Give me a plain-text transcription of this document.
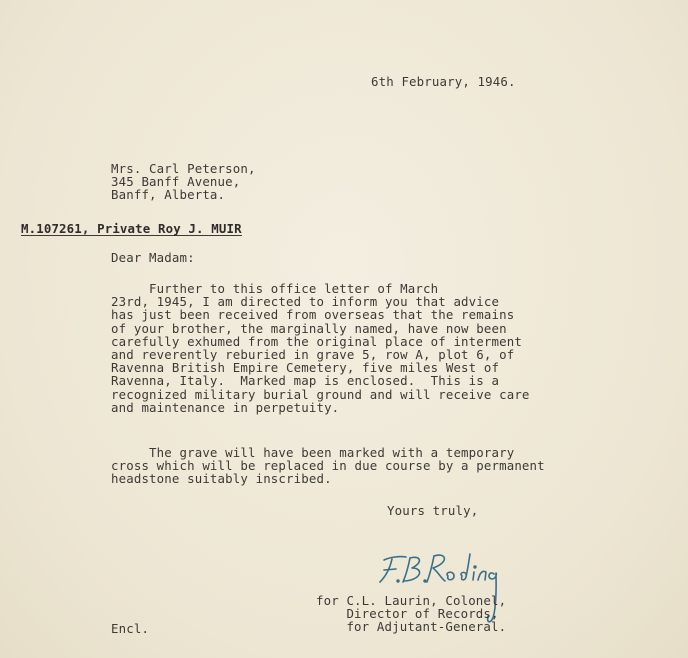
6th February, 1946.
Mrs. Carl Peterson,
345 Banff Avenue,
Banff, Alberta.
M.107261, Private Roy J. MUIR
Dear Madam:
Further to this office letter of March
23rd, 1945, I am directed to inform you that advice
has just been received from overseas that the remains
of your brother, the marginally named, have now been
carefully exhumed from the original place of interment
and reverently reburied in grave 5, row A, plot 6, of
Ravenna British Empire Cemetery, five miles West of
Ravenna, Italy.  Marked map is enclosed.  This is a
recognized military burial ground and will receive care
and maintenance in perpetuity.
The grave will have been marked with a temporary
cross which will be replaced in due course by a permanent
headstone suitably inscribed.
Yours truly,
for C.L. Laurin, Colonel,
Director of Records,
for Adjutant-General.
Encl.
